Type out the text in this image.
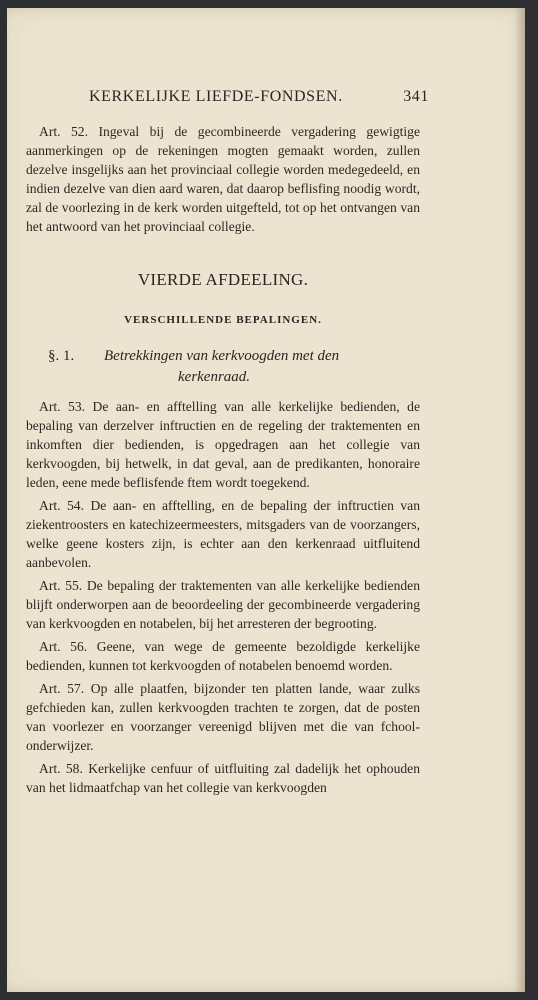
KERKELIJKE LIEFDE-FONDSEN.	341

Art. 52. Ingeval bij de gecombineerde vergadering gewigtige aanmerkingen op de rekeningen mogten gemaakt worden, zullen dezelve insgelijks aan het provinciaal collegie worden medegedeeld, en indien dezelve van dien aard waren, dat daarop beflisfing noodig wordt, zal de voorlezing in de kerk worden uitgefteld, tot op het ontvangen van het antwoord van het provinciaal collegie.

VIERDE AFDEELING.
VERSCHILLENDE BEPALINGEN.
§. 1. Betrekkingen van kerkvoogden met den
kerkenraad.

Art. 53. De aan- en afftelling van alle kerkelijke bedienden, de bepaling van derzelver inftructien en de regeling der traktementen en inkomften dier bedienden, is opgedragen aan het collegie van kerkvoogden, bij hetwelk, in dat geval, aan de predikanten, honoraire leden, eene mede beflisfende ftem wordt toegekend.

Art. 54. De aan- en afftelling, en de bepaling der inftructien van ziekentroosters en katechizeermeesters, mitsgaders van de voorzangers, welke geene kosters zijn, is echter aan den kerkenraad uitfluitend aanbevolen.

Art. 55. De bepaling der traktementen van alle kerkelijke bedienden blijft onderworpen aan de beoordeeling der gecombineerde vergadering van kerkvoogden en notabelen, bij het arresteren der begrooting.

Art. 56. Geene, van wege de gemeente bezoldigde kerkelijke bedienden, kunnen tot kerkvoogden of notabelen benoemd worden.

Art. 57. Op alle plaatfen, bijzonder ten platten lande, waar zulks gefchieden kan, zullen kerkvoogden trachten te zorgen, dat de posten van voorlezer en voorzanger vereenigd blijven met die van fchool-onderwijzer.

Art. 58. Kerkelijke cenfuur of uitfluiting zal dadelijk het ophouden van het lidmaatfchap van het collegie van kerkvoogden
